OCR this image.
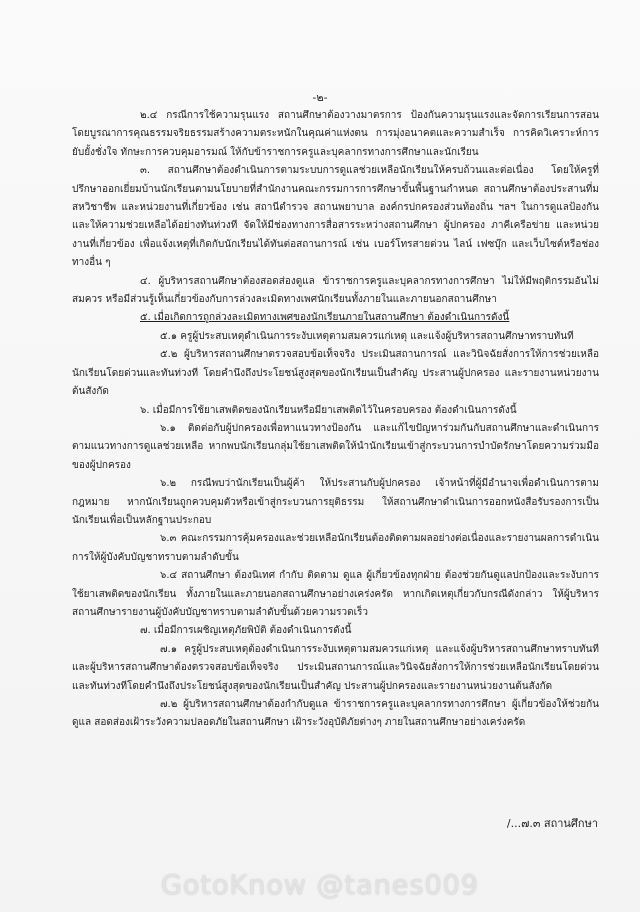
-๒-

๒.๔ กรณีการใช้ความรุนแรง สถานศึกษาต้องวางมาตรการ ป้องกันความรุนแรงและจัดการเรียนการสอนโดยบูรณาการคุณธรรมจริยธรรมสร้างความตระหนักในคุณค่าแห่งตน การมุ่งอนาคตและความสำเร็จ การคิดวิเคราะห์การยับยั้งชั่งใจ ทักษะการควบคุมอารมณ์ ให้กับข้าราชการครูและบุคลากรทางการศึกษาและนักเรียน

๓. สถานศึกษาต้องดำเนินการตามระบบการดูแลช่วยเหลือนักเรียนให้ครบถ้วนและต่อเนื่อง โดยให้ครูที่ปรึกษาออกเยี่ยมบ้านนักเรียนตามนโยบายที่สำนักงานคณะกรรมการการศึกษาขั้นพื้นฐานกำหนด สถานศึกษาต้องประสานที่มสหวิชาชีพ และหน่วยงานที่เกี่ยวข้อง เช่น สถานีตำรวจ สถานพยาบาล องค์กรปกครองส่วนท้องถิ่น ฯลฯ ในการดูแลป้องกันและให้ความช่วยเหลือได้อย่างทันท่วงที จัดให้มีช่องทางการสื่อสารระหว่างสถานศึกษา ผู้ปกครอง ภาคีเครือข่าย และหน่วยงานที่เกี่ยวข้อง เพื่อแจ้งเหตุที่เกิดกับนักเรียนได้ทันต่อสถานการณ์ เช่น เบอร์โทรสายด่วน ไลน์ เฟซบุ๊ก และเว็บไซต์หรือช่องทางอื่น ๆ

๔. ผู้บริหารสถานศึกษาต้องสอดส่องดูแล ข้าราชการครูและบุคลากรทางการศึกษา ไม่ให้มีพฤติกรรมอันไม่สมควร หรือมีส่วนรู้เห็นเกี่ยวข้องกับการล่วงละเมิดทางเพศนักเรียนทั้งภายในและภายนอกสถานศึกษา

๕. เมื่อเกิดการถูกล่วงละเมิดทางเพศของนักเรียนภายในสถานศึกษา ต้องดำเนินการดังนี้

๕.๑ ครูผู้ประสบเหตุดำเนินการระงับเหตุตามสมควรแก่เหตุ และแจ้งผู้บริหารสถานศึกษาทราบทันที

๕.๒ ผู้บริหารสถานศึกษาตรวจสอบข้อเท็จจริง ประเมินสถานการณ์ และวินิจฉัยสั่งการให้การช่วยเหลือนักเรียนโดยด่วนและทันท่วงที โดยคำนึงถึงประโยชน์สูงสุดของนักเรียนเป็นสำคัญ ประสานผู้ปกครอง และรายงานหน่วยงานต้นสังกัด

๖. เมื่อมีการใช้ยาเสพติดของนักเรียนหรือมียาเสพติดไว้ในครอบครอง ต้องดำเนินการดังนี้

๖.๑ ติดต่อกับผู้ปกครองเพื่อหาแนวทางป้องกัน และแก้ไขปัญหาร่วมกันกับสถานศึกษาและดำเนินการตามแนวทางการดูแลช่วยเหลือ หากพบนักเรียนกลุ่มใช้ยาเสพติดให้นำนักเรียนเข้าสู่กระบวนการบำบัดรักษาโดยความร่วมมือของผู้ปกครอง

๖.๒ กรณีพบว่านักเรียนเป็นผู้ค้า ให้ประสานกับผู้ปกครอง เจ้าหน้าที่ผู้มีอำนาจเพื่อดำเนินการตามกฎหมาย หากนักเรียนถูกควบคุมตัวหรือเข้าสู่กระบวนการยุติธรรม ให้สถานศึกษาดำเนินการออกหนังสือรับรองการเป็นนักเรียนเพื่อเป็นหลักฐานประกอบ

๖.๓ คณะกรรมการคุ้มครองและช่วยเหลือนักเรียนต้องติดตามผลอย่างต่อเนื่องและรายงานผลการดำเนินการให้ผู้บังคับบัญชาทราบตามลำดับขั้น

๖.๔ สถานศึกษา ต้องนิเทศ กำกับ ติดตาม ดูแล ผู้เกี่ยวข้องทุกฝ่าย ต้องช่วยกันดูแลปกป้องและระงับการใช้ยาเสพติดของนักเรียน ทั้งภายในและภายนอกสถานศึกษาอย่างเคร่งครัด หากเกิดเหตุเกี่ยวกับกรณีดังกล่าว ให้ผู้บริหารสถานศึกษารายงานผู้บังคับบัญชาทราบตามลำดับขั้นด้วยความรวดเร็ว

๗. เมื่อมีการเผชิญเหตุภัยพิบัติ ต้องดำเนินการดังนี้

๗.๑ ครูผู้ประสบเหตุต้องดำเนินการระงับเหตุตามสมควรแก่เหตุ และแจ้งผู้บริหารสถานศึกษาทราบทันที และผู้บริหารสถานศึกษาต้องตรวจสอบข้อเท็จจริง ประเมินสถานการณ์และวินิจฉัยสั่งการให้การช่วยเหลือนักเรียนโดยด่วนและทันท่วงทีโดยคำนึงถึงประโยชน์สูงสุดของนักเรียนเป็นสำคัญ ประสานผู้ปกครองและรายงานหน่วยงานต้นสังกัด

๗.๒ ผู้บริหารสถานศึกษาต้องกำกับดูแล ข้าราชการครูและบุคลากรทางการศึกษา ผู้เกี่ยวข้องให้ช่วยกันดูแล สอดส่องเฝ้าระวังความปลอดภัยในสถานศึกษา เฝ้าระวังอุบัติภัยต่างๆ ภายในสถานศึกษาอย่างเคร่งครัด

/...๗.๓ สถานศึกษา
GotoKnow @tanes009
